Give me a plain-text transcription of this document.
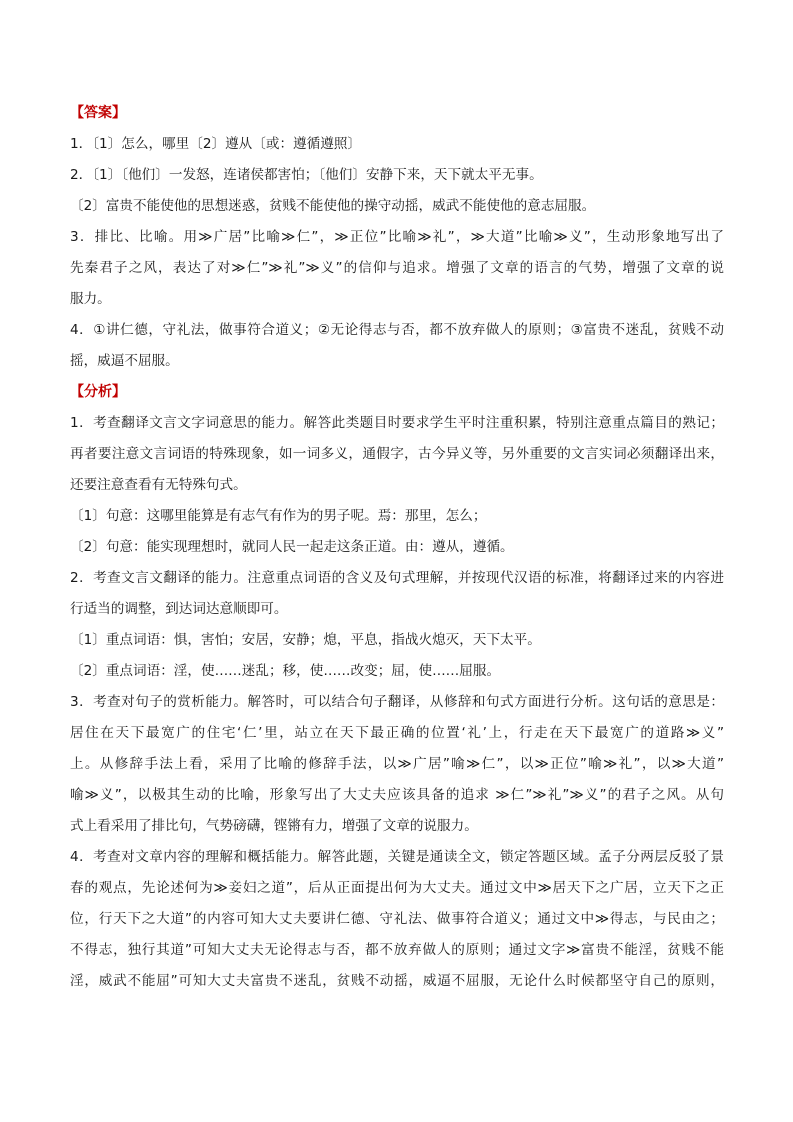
【答案】
1．〔1〕怎么，哪里〔2〕遵从〔或：遵循遵照〕
2．〔1〕〔他们〕一发怒，连诸侯都害怕；〔他们〕安静下来，天下就太平无事。
〔2〕富贵不能使他的思想迷惑，贫贱不能使他的操守动摇，威武不能使他的意志屈服。
3．排比、比喻。用≫广居”比喻≫仁”，≫正位”比喻≫礼”，≫大道”比喻≫义”，生动形象地写出了
先秦君子之风，表达了对≫仁”≫礼”≫义”的信仰与追求。增强了文章的语言的气势，增强了文章的说
服力。
4．①讲仁德，守礼法，做事符合道义；②无论得志与否，都不放弃做人的原则；③富贵不迷乱，贫贱不动
摇，威逼不屈服。
【分析】
1．考查翻译文言文字词意思的能力。解答此类题目时要求学生平时注重积累，特别注意重点篇目的熟记；
再者要注意文言词语的特殊现象，如一词多义，通假字，古今异义等，另外重要的文言实词必须翻译出来，
还要注意查看有无特殊句式。
〔1〕句意：这哪里能算是有志气有作为的男子呢。焉：那里，怎么；
〔2〕句意：能实现理想时，就同人民一起走这条正道。由：遵从，遵循。
2．考查文言文翻译的能力。注意重点词语的含义及句式理解，并按现代汉语的标准，将翻译过来的内容进
行适当的调整，到达词达意顺即可。
〔1〕重点词语：惧，害怕；安居，安静；熄，平息，指战火熄灭，天下太平。
〔2〕重点词语：淫，使……迷乱；移，使……改变；屈，使……屈服。
3．考查对句子的赏析能力。解答时，可以结合句子翻译，从修辞和句式方面进行分析。这句话的意思是：
居住在天下最宽广的住宅‘仁’里，站立在天下最正确的位置‘礼’上，行走在天下最宽广的道路≫义”
上。从修辞手法上看，采用了比喻的修辞手法，以≫广居”喻≫仁”，以≫正位”喻≫礼”，以≫大道”
喻≫义”，以极其生动的比喻，形象写出了大丈夫应该具备的追求 ≫仁”≫礼”≫义”的君子之风。从句
式上看采用了排比句，气势磅礴，铿锵有力，增强了文章的说服力。
4．考查对文章内容的理解和概括能力。解答此题，关键是通读全文，锁定答题区域。孟子分两层反驳了景
春的观点，先论述何为≫妾妇之道”，后从正面提出何为大丈夫。通过文中≫居天下之广居，立天下之正
位，行天下之大道”的内容可知大丈夫要讲仁德、守礼法、做事符合道义；通过文中≫得志，与民由之；
不得志，独行其道”可知大丈夫无论得志与否，都不放弃做人的原则；通过文字≫富贵不能淫，贫贱不能
淫，威武不能屈”可知大丈夫富贵不迷乱，贫贱不动摇，威逼不屈服，无论什么时候都坚守自己的原则，
